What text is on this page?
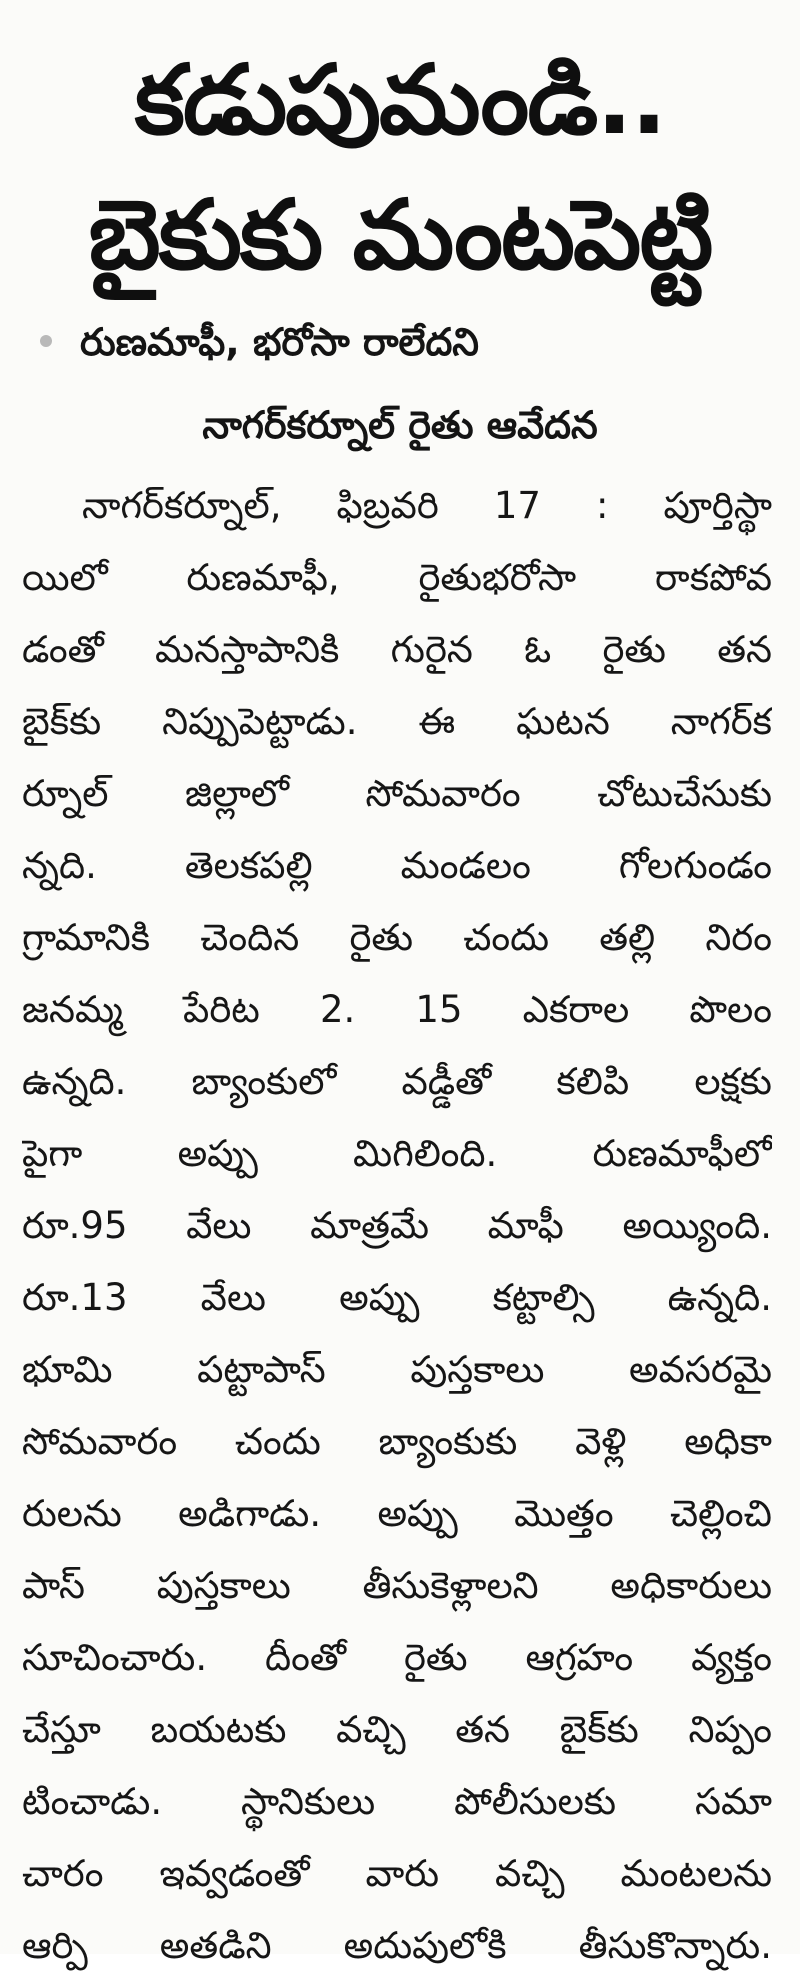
కడుపుమండి..
బైకుకు మంటపెట్టి
రుణమాఫీ, భరోసా రాలేదని
నాగర్‌కర్నూల్ రైతు ఆవేదన
నాగర్‌కర్నూల్, ఫిబ్రవరి 17 : పూర్తిస్థా
యిలో రుణమాఫీ, రైతుభరోసా రాకపోవ
డంతో మనస్తాపానికి గురైన ఓ రైతు తన
బైక్‌కు నిప్పుపెట్టాడు. ఈ ఘటన నాగర్‌క
ర్నూల్ జిల్లాలో సోమవారం చోటుచేసుకు
న్నది. తెలకపల్లి మండలం గోలగుండం
గ్రామానికి చెందిన రైతు చందు తల్లి నిరం
జనమ్మ పేరిట 2. 15 ఎకరాల పొలం
ఉన్నది. బ్యాంకులో వడ్డీతో కలిపి లక్షకు
పైగా అప్పు మిగిలింది. రుణమాఫీలో
రూ.95 వేలు మాత్రమే మాఫీ అయ్యింది.
రూ.13 వేలు అప్పు కట్టాల్సి ఉన్నది.
భూమి పట్టాపాస్ పుస్తకాలు అవసరమై
సోమవారం చందు బ్యాంకుకు వెళ్లి అధికా
రులను అడిగాడు. అప్పు మొత్తం చెల్లించి
పాస్ పుస్తకాలు తీసుకెళ్లాలని అధికారులు
సూచించారు. దీంతో రైతు ఆగ్రహం వ్యక్తం
చేస్తూ బయటకు వచ్చి తన బైక్‌కు నిప్పం
టించాడు. స్థానికులు పోలీసులకు సమా
చారం ఇవ్వడంతో వారు వచ్చి మంటలను
ఆర్పి అతడిని అదుపులోకి తీసుకొన్నారు.
